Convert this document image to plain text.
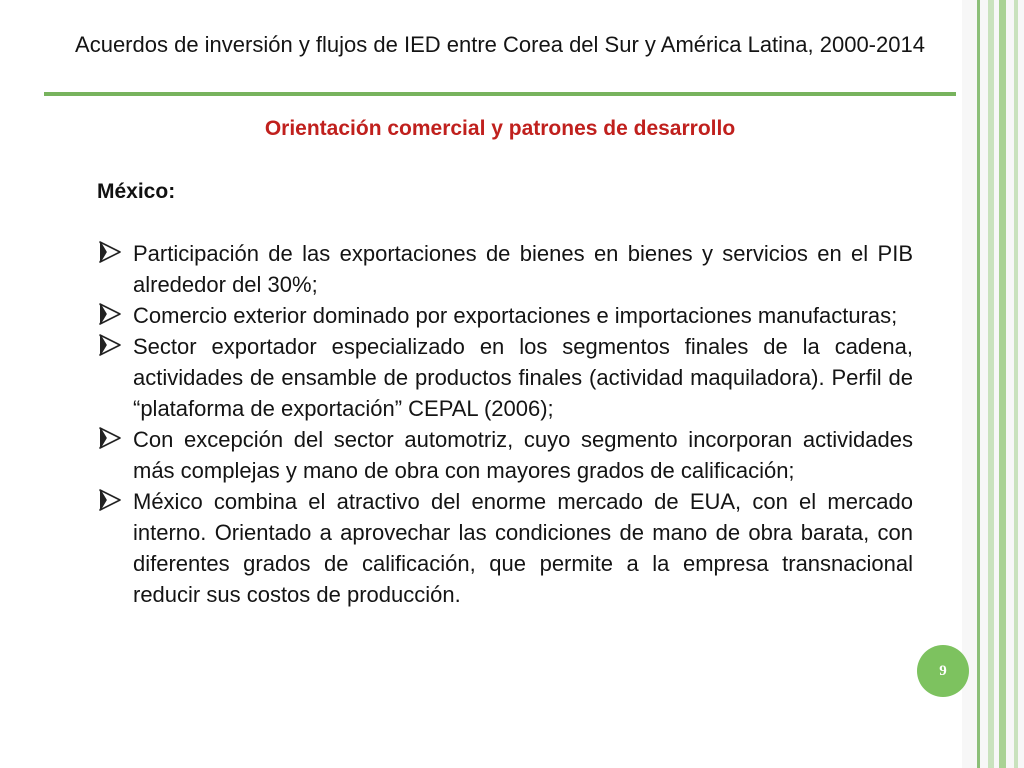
Acuerdos de inversión y flujos de IED entre Corea del Sur y América Latina, 2000-2014
Orientación comercial y patrones de desarrollo
México:
Participación de las exportaciones de bienes en bienes y servicios en el PIB alrededor del 30%;
Comercio exterior dominado por exportaciones e importaciones manufacturas;
Sector exportador especializado en los segmentos finales de la cadena, actividades de ensamble de productos finales (actividad maquiladora). Perfil de “plataforma de exportación” CEPAL (2006);
Con excepción del sector automotriz, cuyo segmento incorporan actividades más complejas y mano de obra con mayores grados de calificación;
México combina el atractivo del enorme mercado de EUA, con el mercado interno. Orientado a aprovechar las condiciones de mano de obra barata, con diferentes grados de calificación, que permite a la empresa transnacional reducir sus costos de producción.
9
